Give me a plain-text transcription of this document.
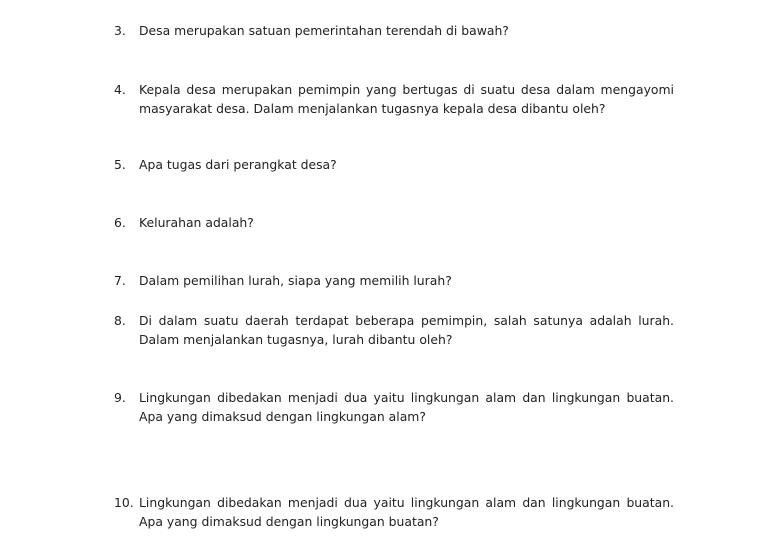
3.	Desa merupakan satuan pemerintahan terendah di bawah?
4.	Kepala desa merupakan pemimpin yang bertugas di suatu desa dalam mengayomi masyarakat desa. Dalam menjalankan tugasnya kepala desa dibantu oleh?
5.	Apa tugas dari perangkat desa?
6.	Kelurahan adalah?
7.	Dalam pemilihan lurah, siapa yang memilih lurah?
8.	Di dalam suatu daerah terdapat beberapa pemimpin, salah satunya adalah lurah. Dalam menjalankan tugasnya, lurah dibantu oleh?
9.	Lingkungan dibedakan menjadi dua yaitu lingkungan alam dan lingkungan buatan. Apa yang dimaksud dengan lingkungan alam?
10. Lingkungan dibedakan menjadi dua yaitu lingkungan alam dan lingkungan buatan. Apa yang dimaksud dengan lingkungan buatan?
